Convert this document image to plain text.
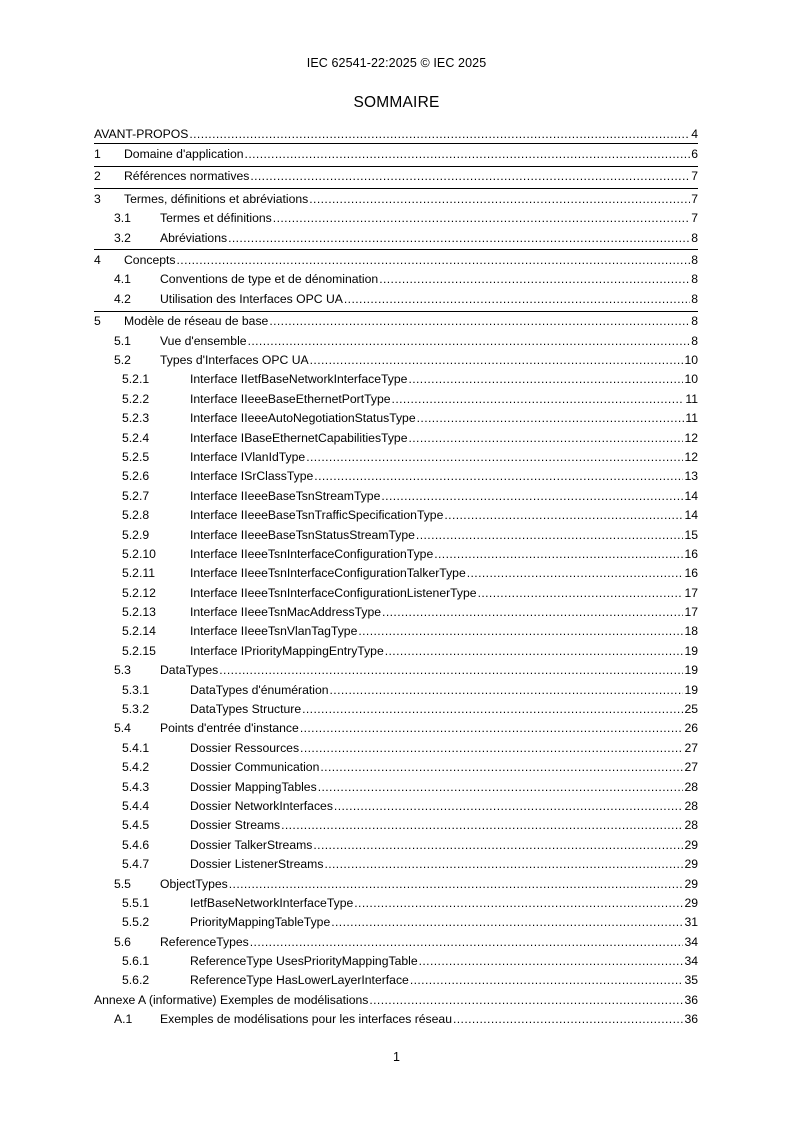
IEC 62541-22:2025 © IEC 2025
SOMMAIRE
AVANT-PROPOS .....	4
1	Domaine d'application .....	6
2	Références normatives .....	7
3	Termes, définitions et abréviations .....	7
3.1	Termes et définitions .....	7
3.2	Abréviations .....	8
4	Concepts .....	8
4.1	Conventions de type et de dénomination .....	8
4.2	Utilisation des Interfaces OPC UA .....	8
5	Modèle de réseau de base .....	8
5.1	Vue d'ensemble .....	8
5.2	Types d'Interfaces OPC UA .....	10
5.2.1	Interface IIetfBaseNetworkInterfaceType .....	10
5.2.2	Interface IIeeeBaseEthernetPortType .....	11
5.2.3	Interface IIeeeAutoNegotiationStatusType .....	11
5.2.4	Interface IBaseEthernetCapabilitiesType .....	12
5.2.5	Interface IVlanIdType .....	12
5.2.6	Interface ISrClassType .....	13
5.2.7	Interface IIeeeBaseTsnStreamType .....	14
5.2.8	Interface IIeeeBaseTsnTrafficSpecificationType .....	14
5.2.9	Interface IIeeeBaseTsnStatusStreamType .....	15
5.2.10	Interface IIeeeTsnInterfaceConfigurationType .....	16
5.2.11	Interface IIeeeTsnInterfaceConfigurationTalkerType .....	16
5.2.12	Interface IIeeeTsnInterfaceConfigurationListenerType .....	17
5.2.13	Interface IIeeeTsnMacAddressType .....	17
5.2.14	Interface IIeeeTsnVlanTagType .....	18
5.2.15	Interface IPriorityMappingEntryType .....	19
5.3	DataTypes .....	19
5.3.1	DataTypes d'énumération .....	19
5.3.2	DataTypes Structure .....	25
5.4	Points d'entrée d'instance .....	26
5.4.1	Dossier Ressources .....	27
5.4.2	Dossier Communication .....	27
5.4.3	Dossier MappingTables .....	28
5.4.4	Dossier NetworkInterfaces .....	28
5.4.5	Dossier Streams .....	28
5.4.6	Dossier TalkerStreams .....	29
5.4.7	Dossier ListenerStreams .....	29
5.5	ObjectTypes .....	29
5.5.1	IetfBaseNetworkInterfaceType .....	29
5.5.2	PriorityMappingTableType .....	31
5.6	ReferenceTypes .....	34
5.6.1	ReferenceType UsesPriorityMappingTable .....	34
5.6.2	ReferenceType HasLowerLayerInterface .....	35
Annexe A (informative) Exemples de modélisations .....	36
A.1	Exemples de modélisations pour les interfaces réseau .....	36
1
